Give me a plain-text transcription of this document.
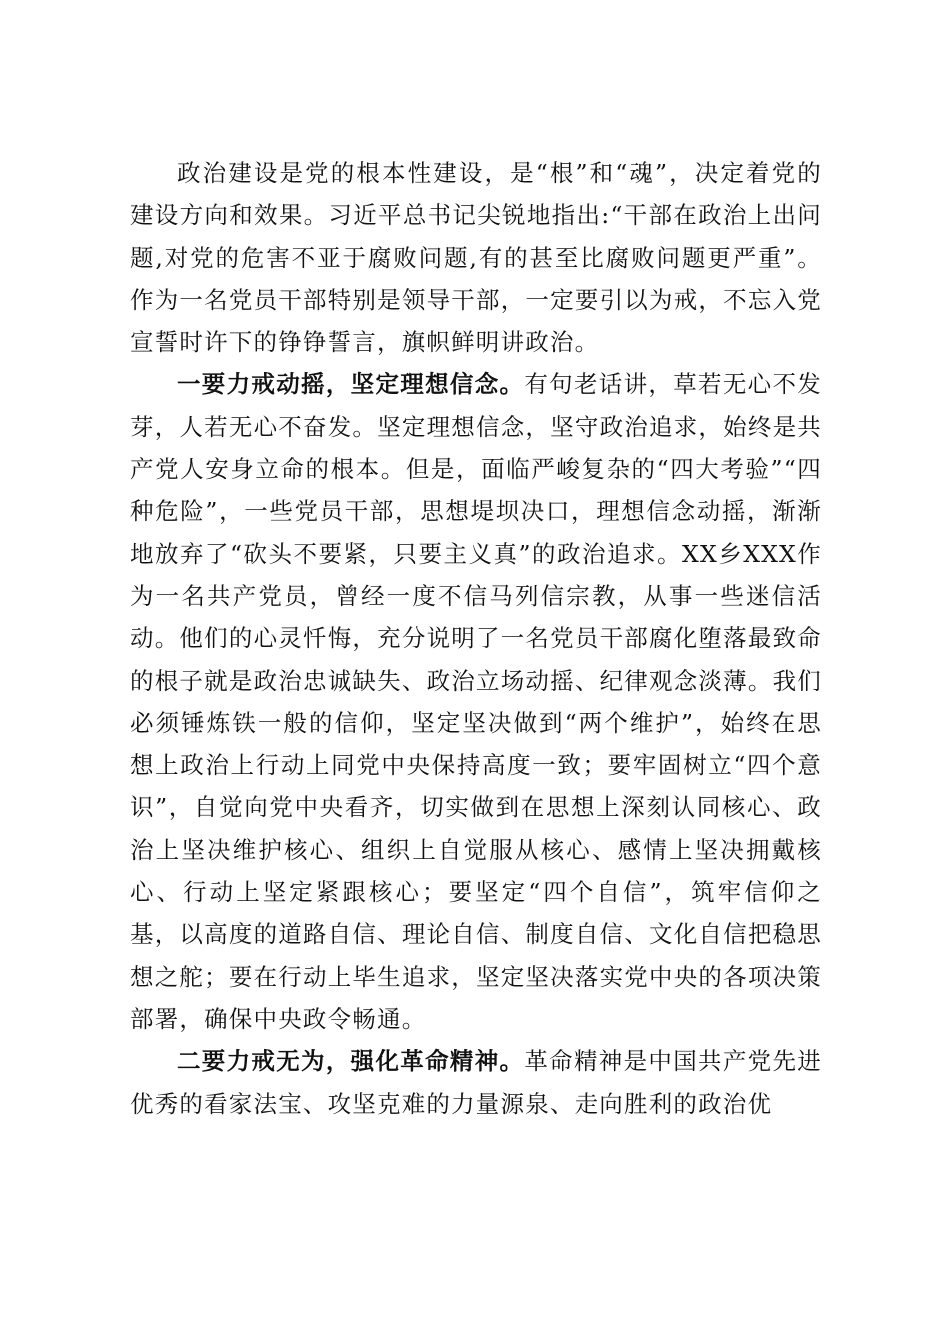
政治建设是党的根本性建设，是“根”和“魂”，决定着党的建设方向和效果。习近平总书记尖锐地指出:“干部在政治上出问题,对党的危害不亚于腐败问题,有的甚至比腐败问题更严重”。作为一名党员干部特别是领导干部，一定要引以为戒，不忘入党宣誓时许下的铮铮誓言，旗帜鲜明讲政治。

一要力戒动摇，坚定理想信念。有句老话讲，草若无心不发芽，人若无心不奋发。坚定理想信念，坚守政治追求，始终是共产党人安身立命的根本。但是，面临严峻复杂的“四大考验”“四种危险”，一些党员干部，思想堤坝决口，理想信念动摇，渐渐地放弃了“砍头不要紧，只要主义真”的政治追求。XX乡XXX作为一名共产党员，曾经一度不信马列信宗教，从事一些迷信活动。他们的心灵忏悔，充分说明了一名党员干部腐化堕落最致命的根子就是政治忠诚缺失、政治立场动摇、纪律观念淡薄。我们必须锤炼铁一般的信仰，坚定坚决做到“两个维护”，始终在思想上政治上行动上同党中央保持高度一致；要牢固树立“四个意识”，自觉向党中央看齐，切实做到在思想上深刻认同核心、政治上坚决维护核心、组织上自觉服从核心、感情上坚决拥戴核心、行动上坚定紧跟核心；要坚定“四个自信”，筑牢信仰之基，以高度的道路自信、理论自信、制度自信、文化自信把稳思想之舵；要在行动上毕生追求，坚定坚决落实党中央的各项决策部署，确保中央政令畅通。

二要力戒无为，强化革命精神。革命精神是中国共产党先进优秀的看家法宝、攻坚克难的力量源泉、走向胜利的政治优
